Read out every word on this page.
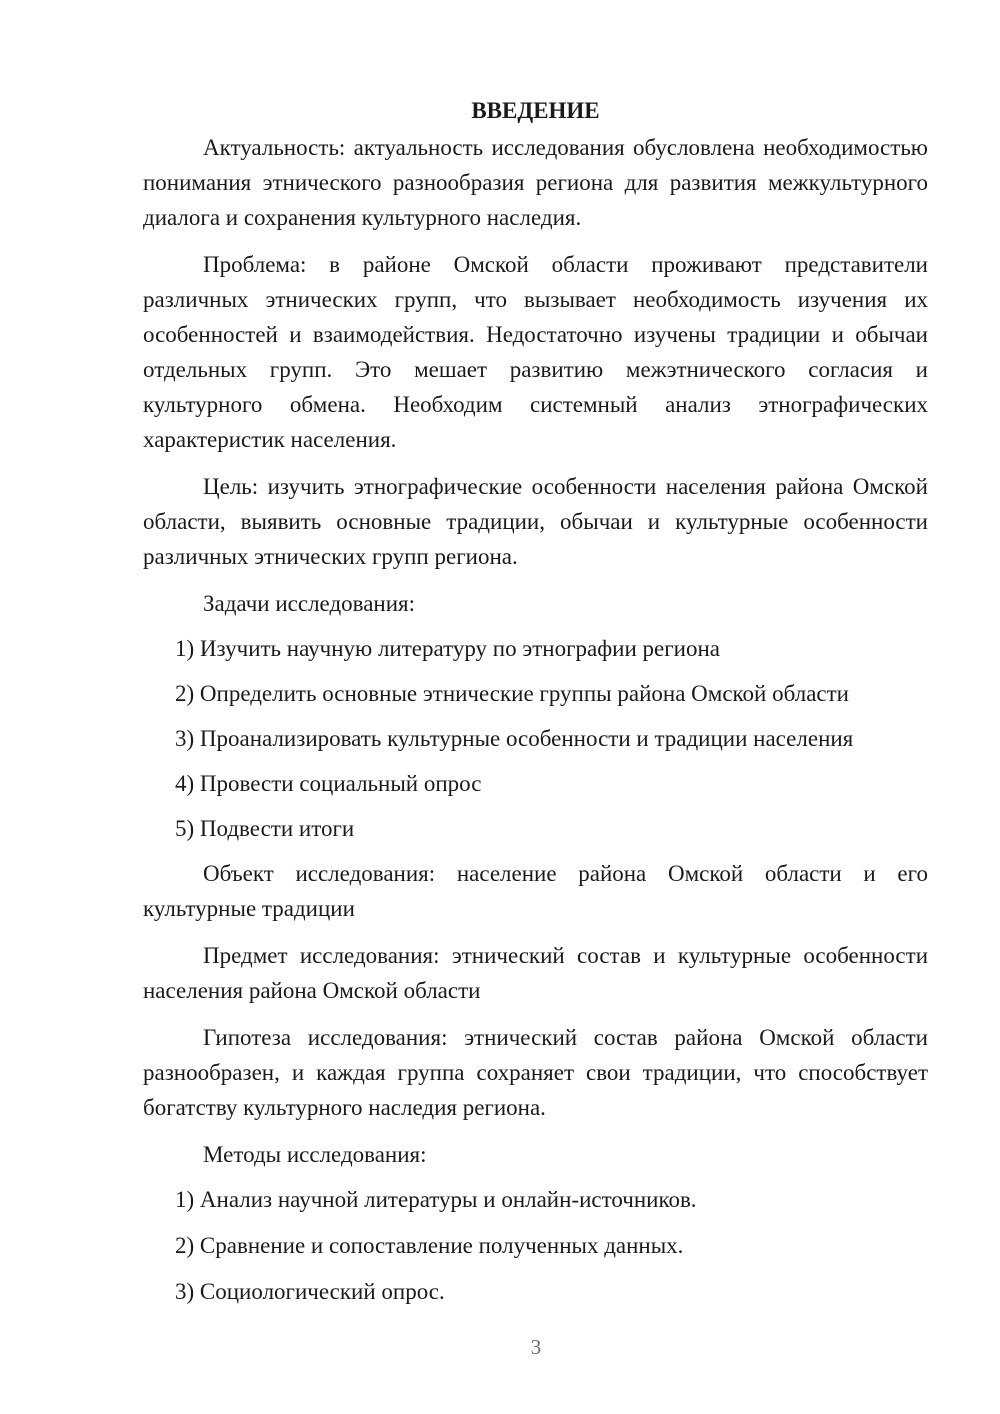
ВВЕДЕНИЕ

Актуальность: актуальность исследования обусловлена необходимостью понимания этнического разнообразия региона для развития межкультурного диалога и сохранения культурного наследия.

Проблема: в районе Омской области проживают представители различных этнических групп, что вызывает необходимость изучения их особенностей и взаимодействия. Недостаточно изучены традиции и обычаи отдельных групп. Это мешает развитию межэтнического согласия и культурного обмена. Необходим системный анализ этнографических характеристик населения.

Цель: изучить этнографические особенности населения района Омской области, выявить основные традиции, обычаи и культурные особенности различных этнических групп региона.

Задачи исследования:

1) Изучить научную литературу по этнографии региона
2) Определить основные этнические группы района Омской области
3) Проанализировать культурные особенности и традиции населения
4) Провести социальный опрос
5) Подвести итоги

Объект исследования: население района Омской области и его культурные традиции

Предмет исследования: этнический состав и культурные особенности населения района Омской области

Гипотеза исследования: этнический состав района Омской области разнообразен, и каждая группа сохраняет свои традиции, что способствует богатству культурного наследия региона.

Методы исследования:

1) Анализ научной литературы и онлайн-источников.
2) Сравнение и сопоставление полученных данных.
3) Социологический опрос.
3
